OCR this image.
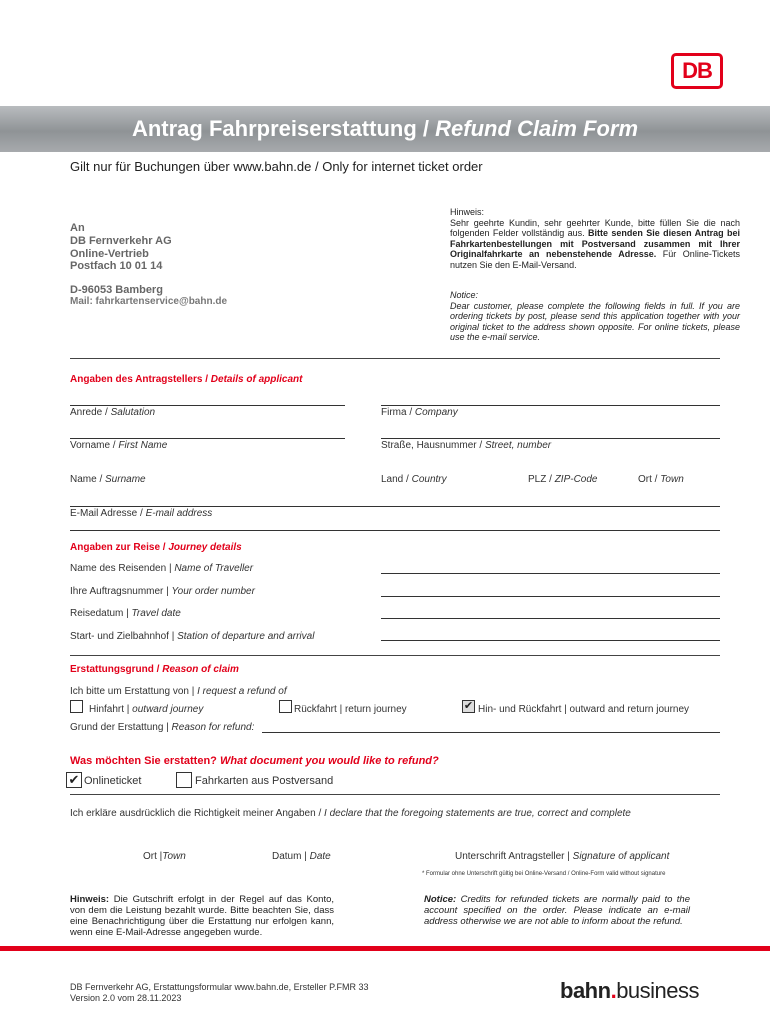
DB
Antrag Fahrpreiserstattung / Refund Claim Form
Gilt nur für Buchungen über www.bahn.de / Only for internet ticket order
An
DB Fernverkehr AG
Online-Vertrieb
Postfach 10 01 14
D-96053 Bamberg
Mail: fahrkartenservice@bahn.de
Hinweis:
Sehr geehrte Kundin, sehr geehrter Kunde, bitte füllen Sie die nach folgenden Felder vollständig aus. Bitte senden Sie diesen Antrag bei Fahrkartenbestellungen mit Postversand zusammen mit Ihrer Originalfahrkarte an nebenstehende Adresse. Für Online-Tickets nutzen Sie den E-Mail-Versand.
Notice:
Dear customer, please complete the following fields in full. If you are ordering tickets by post, please send this application together with your original ticket to the address shown opposite. For online tickets, please use the e-mail service.
Angaben des Antragstellers / Details of applicant
Anrede / Salutation	Firma / Company
Vorname / First Name	Straße, Hausnummer / Street, number
Name / Surname	Land / Country	PLZ / ZIP-Code	Ort / Town
E-Mail Adresse / E-mail address
Angaben zur Reise / Journey details
Name des Reisenden | Name of Traveller
Ihre Auftragsnummer | Your order number
Reisedatum | Travel date
Start- und Zielbahnhof | Station of departure and arrival
Erstattungsgrund / Reason of claim
Ich bitte um Erstattung von | I request a refund of
Hinfahrt | outward journey	Rückfahrt | return journey	✔ Hin- und Rückfahrt | outward and return journey
Grund der Erstattung | Reason for refund:
Was möchten Sie erstatten? What document you would like to refund?
✔ Onlineticket	Fahrkarten aus Postversand
Ich erkläre ausdrücklich die Richtigkeit meiner Angaben / I declare that the foregoing statements are true, correct and complete
Ort |Town	Datum | Date	Unterschrift Antragsteller | Signature of applicant
* Formular ohne Unterschrift gültig bei Online-Versand / Online-Form valid without signature
Hinweis: Die Gutschrift erfolgt in der Regel auf das Konto, von dem die Leistung bezahlt wurde. Bitte beachten Sie, dass eine Benachrichtigung über die Erstattung nur erfolgen kann, wenn eine E-Mail-Adresse angegeben wurde.
Notice: Credits for refunded tickets are normally paid to the account specified on the order. Please indicate an e-mail address otherwise we are not able to inform about the refund.
DB Fernverkehr AG, Erstattungsformular www.bahn.de, Ersteller P.FMR 33
Version 2.0 vom 28.11.2023	bahn.business
